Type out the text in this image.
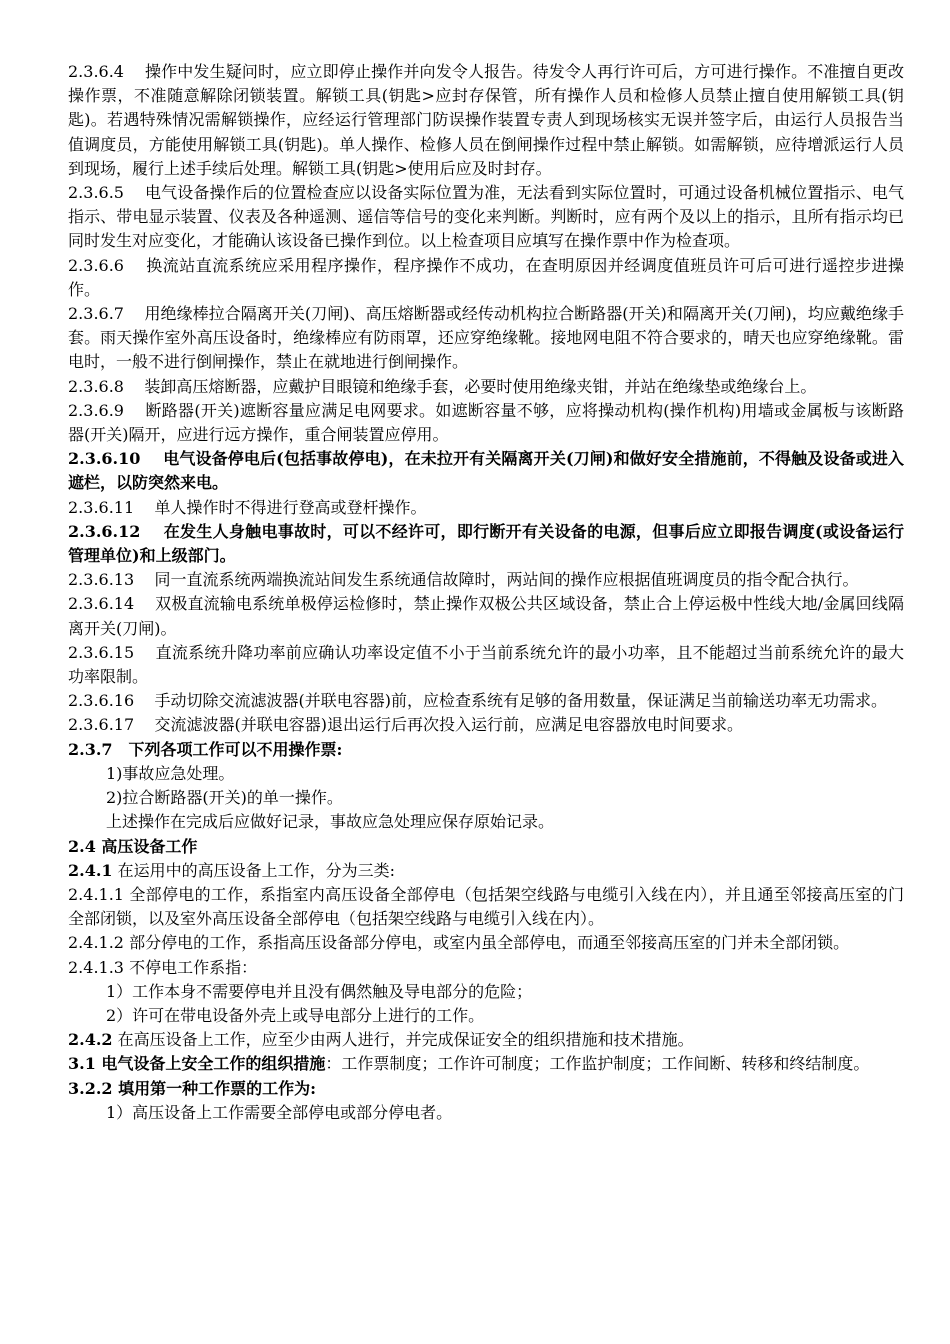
2.3.6.4 操作中发生疑问时，应立即停止操作并向发令人报告。待发令人再行许可后，方可进行操作。不准擅自更改操作票，不准随意解除闭锁装置。解锁工具(钥匙>应封存保管，所有操作人员和检修人员禁止擅自使用解锁工具(钥匙)。若遇特殊情况需解锁操作，应经运行管理部门防误操作装置专责人到现场核实无误并签字后，由运行人员报告当值调度员，方能使用解锁工具(钥匙)。单人操作、检修人员在倒闸操作过程中禁止解锁。如需解锁，应待增派运行人员到现场，履行上述手续后处理。解锁工具(钥匙>使用后应及时封存。

2.3.6.5 电气设备操作后的位置检查应以设备实际位置为准，无法看到实际位置时，可通过设备机械位置指示、电气指示、带电显示装置、仪表及各种遥测、遥信等信号的变化来判断。判断时，应有两个及以上的指示，且所有指示均已同时发生对应变化，才能确认该设备已操作到位。以上检查项目应填写在操作票中作为检查项。

2.3.6.6 换流站直流系统应采用程序操作，程序操作不成功，在查明原因并经调度值班员许可后可进行遥控步进操作。

2.3.6.7 用绝缘棒拉合隔离开关(刀闸)、高压熔断器或经传动机构拉合断路器(开关)和隔离开关(刀闸)，均应戴绝缘手套。雨天操作室外高压设备时，绝缘棒应有防雨罩，还应穿绝缘靴。接地网电阻不符合要求的，晴天也应穿绝缘靴。雷电时，一般不进行倒闸操作，禁止在就地进行倒闸操作。

2.3.6.8 装卸高压熔断器，应戴护目眼镜和绝缘手套，必要时使用绝缘夹钳，并站在绝缘垫或绝缘台上。

2.3.6.9 断路器(开关)遮断容量应满足电网要求。如遮断容量不够，应将操动机构(操作机构)用墙或金属板与该断路器(开关)隔开，应进行远方操作，重合闸装置应停用。

2.3.6.10 电气设备停电后(包括事故停电)，在未拉开有关隔离开关(刀闸)和做好安全措施前，不得触及设备或进入遮栏，以防突然来电。

2.3.6.11 单人操作时不得进行登高或登杆操作。

2.3.6.12 在发生人身触电事故时，可以不经许可，即行断开有关设备的电源，但事后应立即报告调度(或设备运行管理单位)和上级部门。

2.3.6.13 同一直流系统两端换流站间发生系统通信故障时，两站间的操作应根据值班调度员的指令配合执行。

2.3.6.14 双极直流输电系统单极停运检修时，禁止操作双极公共区域设备，禁止合上停运极中性线大地/金属回线隔离开关(刀闸)。

2.3.6.15 直流系统升降功率前应确认功率设定值不小于当前系统允许的最小功率，且不能超过当前系统允许的最大功率限制。

2.3.6.16 手动切除交流滤波器(并联电容器)前，应检查系统有足够的备用数量，保证满足当前输送功率无功需求。

2.3.6.17 交流滤波器(并联电容器)退出运行后再次投入运行前，应满足电容器放电时间要求。

2.3.7　下列各项工作可以不用操作票:

1)事故应急处理。

2)拉合断路器(开关)的单一操作。

上述操作在完成后应做好记录，事故应急处理应保存原始记录。

2.4 高压设备工作

2.4.1 在运用中的高压设备上工作，分为三类:

2.4.1.1 全部停电的工作，系指室内高压设备全部停电（包括架空线路与电缆引入线在内），并且通至邻接高压室的门全部闭锁，以及室外高压设备全部停电（包括架空线路与电缆引入线在内）。

2.4.1.2 部分停电的工作，系指高压设备部分停电，或室内虽全部停电，而通至邻接高压室的门并未全部闭锁。

2.4.1.3 不停电工作系指：

1）工作本身不需要停电并且没有偶然触及导电部分的危险；

2）许可在带电设备外壳上或导电部分上进行的工作。

2.4.2 在高压设备上工作，应至少由两人进行，并完成保证安全的组织措施和技术措施。

3.1 电气设备上安全工作的组织措施：工作票制度；工作许可制度；工作监护制度；工作间断、转移和终结制度。

3.2.2 填用第一种工作票的工作为:

1）高压设备上工作需要全部停电或部分停电者。
